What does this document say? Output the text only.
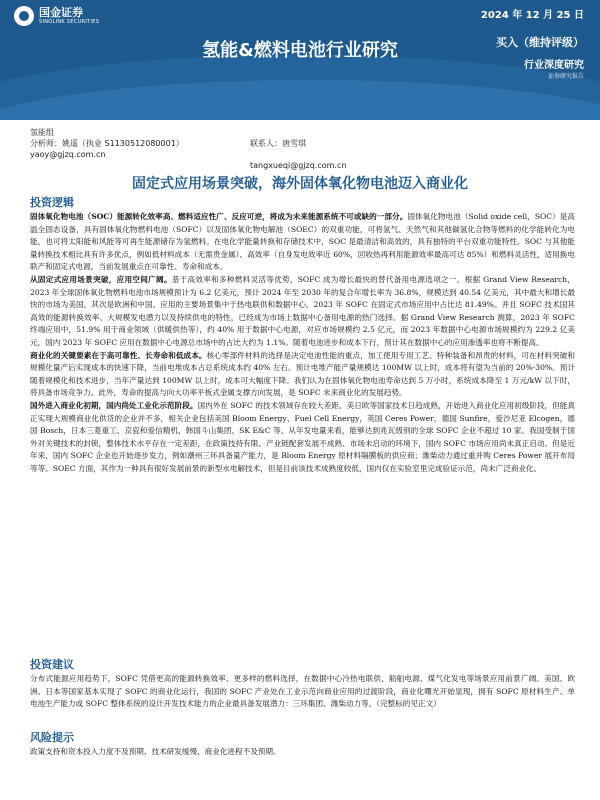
国金证券
SINOLINK SECURITIES
2024 年 12 月 25 日
氢能&燃料电池行业研究	买入（维持评级）
行业深度研究
证券研究报告
氢能组
分析师：姚遥（执业 S1130512080001）	联系人：唐雪琪
yaoy@gjzq.com.cn
tangxueqi@gjzq.com.cn
固定式应用场景突破，海外固体氧化物电池迈入商业化
投资逻辑

固体氧化物电池（SOC）能源转化效率高、燃料适应性广、反应可逆，将成为未来能源系统不可或缺的一部分。固体氧化物电池（Solid oxide cell，SOC）是高温全固态设备，具有固体氧化物燃料电池（SOFC）以及固体氧化物电解池（SOEC）的双重功能，可将氢气、天然气和其他碳氢化合物等燃料的化学能转化为电能，也可将太阳能和风能等可再生能源储存为氢燃料。在电化学能量转换和存储技术中，SOC 是最清洁和高效的，具有独特的平台双重功能特性。SOC 与其他能量转换技术相比具有许多优点，例如低材料成本（无需贵金属）、高效率（自身发电效率近 60%，回收热再利用能源效率最高可达 85%）和燃料灵活性，适用换电联产和固定式电源，当前发展重点在可靠性、寿命和成本。

从固定式应用场景突破，应用空间广阔。基于高效率和多种燃料灵活等优势，SOFC 成为增长最快的替代备用电源选项之一。根据 Grand View Research，2023 年全球固体氧化物燃料电池市场规模预计为 6.2 亿美元，预计 2024 年至 2030 年的复合年增长率为 36.8%，规模达到 40.54 亿美元，其中最大和增长最快的市场为美国，其次是欧洲和中国。应用的主要场景集中于热电联供和数据中心，2023 年 SOFC 在固定式市场应用中占比达 81.49%。并且 SOFC 技术国其高效的能源转换效率、大规模发电潜力以及持续供电的特性，已经成为市场上数据中心备用电源的热门选择。据 Grand View Research 测算，2023 年 SOFC 终端应用中，51.9% 用于商业领域（供暖供热等），约 40% 用于数据中心电源，对应市场规模约 2.5 亿元，而 2023 年数据中心电源市场规模约为 229.2 亿美元，国内 2023 年 SOFC 应用在数据中心电源总市场中的占比大约为 1.1%。随着电池进步和成本下行，预计其在数据中心的应用渗透率也将不断提高。

商业化的关键要素在于高可靠性、长寿命和低成本。核心零部件材料的选择是决定电池性能的重点，加工使用专用工艺、特种装备和昂贵的材料，可在材料突破和规模化量产后实现成本的快速下降，当前电堆成本占总系统成本约 40% 左右。预计电堆产能产量规模达 100MW 以上时，成本将有望为当前的 20%-30%。预计随着规模化和技术进步，当年产量达到 100MW 以上时，成本可大幅度下降。我们认为在固体氧化物电池寿命达到 5 万小时，系统成本降至 1 万元/kW 以下时，将具备市场竞争力。此外，寿命的提高与向大功率平板式金属支撑方向发展，是 SOFC 未来商业化的发展趋势。

国外进入商业化初期，国内尚处工业化示范阶段。国内外在 SOFC 的技术领域存在较大差距，美日欧等国家技术日趋成熟，开始进入商业化应用初级阶段，但能真正实现大规模商业化供货的企业并不多，相关企业包括美国 Bloom Energy、Fuel Cell Energy，英国 Ceres Power，德国 Sunfire，爱沙尼亚 Elcogen，德国 Bosch，日本三菱重工、京瓷和爱信精机，韩国斗山集团、SK E&C 等。从年发电量来看，能够达到兆瓦级别的全球 SOFC 企业不超过 10 家。我国受制于国外对关键技术的封锁，整体技术水平存在一定差距，在政策技持有限、产业链配套发展不成熟、市场未启动的环境下，国内 SOFC 市场应用尚未真正启动。但是近年来，国内 SOFC 企业也开始逐步发力，例如潮州三环具备量产能力，是 Bloom Energy 原材料隔膜板的供应商；潍柴动力通过重并购 Ceres Power 展开布局等等。SOEC 方面，其作为一种具有很好发展前景的新型水电解技术，但是目前该技术成熟度较低，国内仅在实验室里完成验证示范，尚未广泛商业化。

投资建议

分布式能源应用趋势下，SOFC 凭借更高的能源转换效率、更多样的燃料选择，在数据中心冷热电联供、船舶电源、煤气化发电等场景应用前景广阔。美国、欧洲、日本等国家基本实现了 SOFC 的商业化运行，我国的 SOFC 产业处在工业示范向商业应用的过渡阶段，商业化曙光开始显现，拥有 SOFC 原材料生产、单电池生产能力或 SOFC 整体系统的设计开发技术能力的企业最具备发展潜力：三环集团、潍柴动力等。（完整标的见正文）

风险提示

政策支持和资本投入力度不及预期、技术研发缓慢、商业化进程不及预期。
